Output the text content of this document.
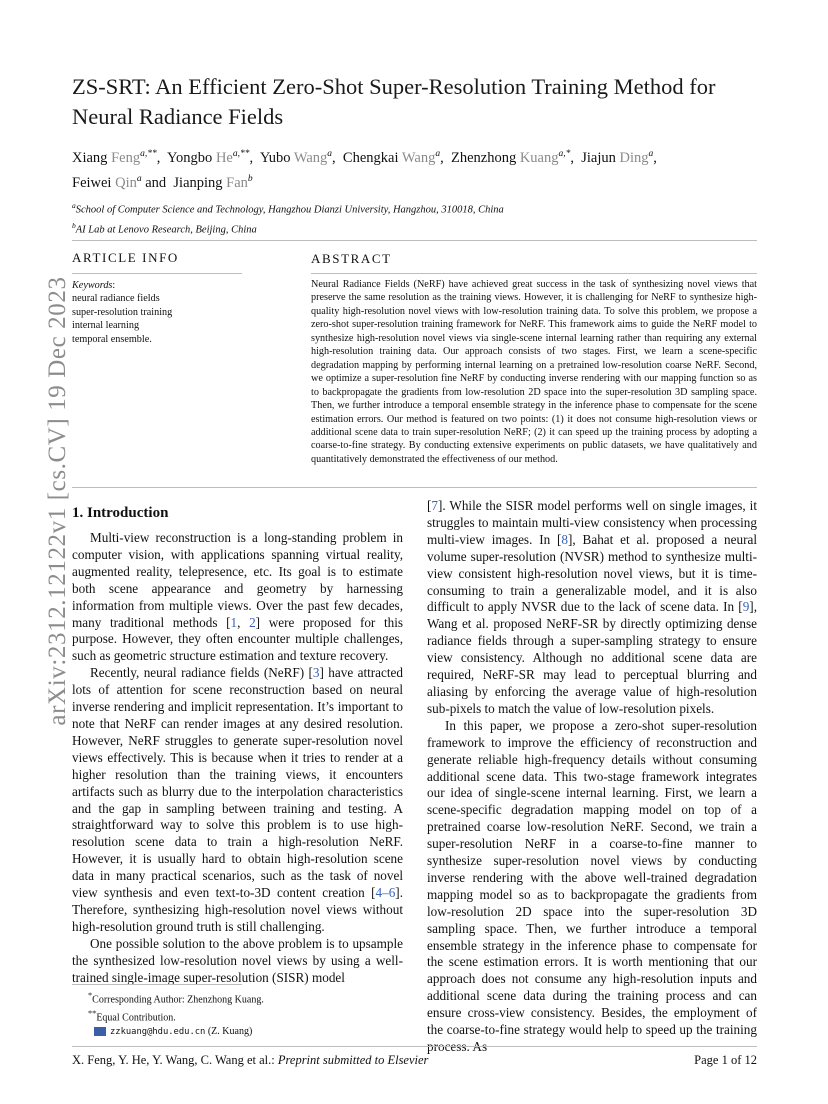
arXiv:2312.12122v1 [cs.CV] 19 Dec 2023
ZS-SRT: An Efficient Zero-Shot Super-Resolution Training Method for Neural Radiance Fields
Xiang Feng$^{a,**}$,  Yongbo $He^{a,**}$,  Yubo Wang$^a$,  Chengkai Wang$^a$,  Zhenzhong Kuang$^{a,*}$,  Jiajun Ding$^a$,
Feiwei Qin$^a$ and  Jianping Fan$^b$
$^a$School of Computer Science and Technology, Hangzhou Dianzi University, Hangzhou, 310018, China
$^b$AI Lab at Lenovo Research, Beijing, China
ARTICLE INFO
Keywords:
neural radiance fields
super-resolution training
internal learning
temporal ensemble.
ABSTRACT
Neural Radiance Fields (NeRF) have achieved great success in the task of synthesizing novel views that preserve the same resolution as the training views. However, it is challenging for NeRF to synthesize high-quality high-resolution novel views with low-resolution training data. To solve this problem, we propose a zero-shot super-resolution training framework for NeRF. This framework aims to guide the NeRF model to synthesize high-resolution novel views via single-scene internal learning rather than requiring any external high-resolution training data. Our approach consists of two stages. First, we learn a scene-specific degradation mapping by performing internal learning on a pretrained low-resolution coarse NeRF. Second, we optimize a super-resolution fine NeRF by conducting inverse rendering with our mapping function so as to backpropagate the gradients from low-resolution 2D space into the super-resolution 3D sampling space. Then, we further introduce a temporal ensemble strategy in the inference phase to compensate for the scene estimation errors. Our method is featured on two points: (1) it does not consume high-resolution views or additional scene data to train super-resolution NeRF; (2) it can speed up the training process by adopting a coarse-to-fine strategy. By conducting extensive experiments on public datasets, we have qualitatively and quantitatively demonstrated the effectiveness of our method.
1. Introduction

Multi-view reconstruction is a long-standing problem in computer vision, with applications spanning virtual reality, augmented reality, telepresence, etc. Its goal is to estimate both scene appearance and geometry by harnessing information from multiple views. Over the past few decades, many traditional methods [1, 2] were proposed for this purpose. However, they often encounter multiple challenges, such as geometric structure estimation and texture recovery.

Recently, neural radiance fields (NeRF) [3] have attracted lots of attention for scene reconstruction based on neural inverse rendering and implicit representation. It’s important to note that NeRF can render images at any desired resolution. However, NeRF struggles to generate super-resolution novel views effectively. This is because when it tries to render at a higher resolution than the training views, it encounters artifacts such as blurry due to the interpolation characteristics and the gap in sampling between training and testing. A straightforward way to solve this problem is to use high-resolution scene data to train a high-resolution NeRF. However, it is usually hard to obtain high-resolution scene data in many practical scenarios, such as the task of novel view synthesis and even text-to-3D content creation [4–6]. Therefore, synthesizing high-resolution novel views without high-resolution ground truth is still challenging.

One possible solution to the above problem is to upsample the synthesized low-resolution novel views by using a well-trained single-image super-resolution (SISR) model

[7]. While the SISR model performs well on single images, it struggles to maintain multi-view consistency when processing multi-view images. In [8], Bahat et al. proposed a neural volume super-resolution (NVSR) method to synthesize multi-view consistent high-resolution novel views, but it is time-consuming to train a generalizable model, and it is also difficult to apply NVSR due to the lack of scene data. In [9], Wang et al. proposed NeRF-SR by directly optimizing dense radiance fields through a super-sampling strategy to ensure view consistency. Although no additional scene data are required, NeRF-SR may lead to perceptual blurring and aliasing by enforcing the average value of high-resolution sub-pixels to match the value of low-resolution pixels.

In this paper, we propose a zero-shot super-resolution framework to improve the efficiency of reconstruction and generate reliable high-frequency details without consuming additional scene data. This two-stage framework integrates our idea of single-scene internal learning. First, we learn a scene-specific degradation mapping model on top of a pretrained coarse low-resolution NeRF. Second, we train a super-resolution NeRF in a coarse-to-fine manner to synthesize super-resolution novel views by conducting inverse rendering with the above well-trained degradation mapping model so as to backpropagate the gradients from low-resolution 2D space into the super-resolution 3D sampling space. Then, we further introduce a temporal ensemble strategy in the inference phase to compensate for the scene estimation errors. It is worth mentioning that our approach does not consume any high-resolution inputs and additional scene data during the training process and can ensure cross-view consistency. Besides, the employment of the coarse-to-fine strategy would help to speed up the training process. As

*Corresponding Author: Zhenzhong Kuang.
**Equal Contribution.
zzkuang@hdu.edu.cn (Z. Kuang)
X. Feng, Y. He, Y. Wang, C. Wang et al.: Preprint submitted to Elsevier	Page 1 of 12
